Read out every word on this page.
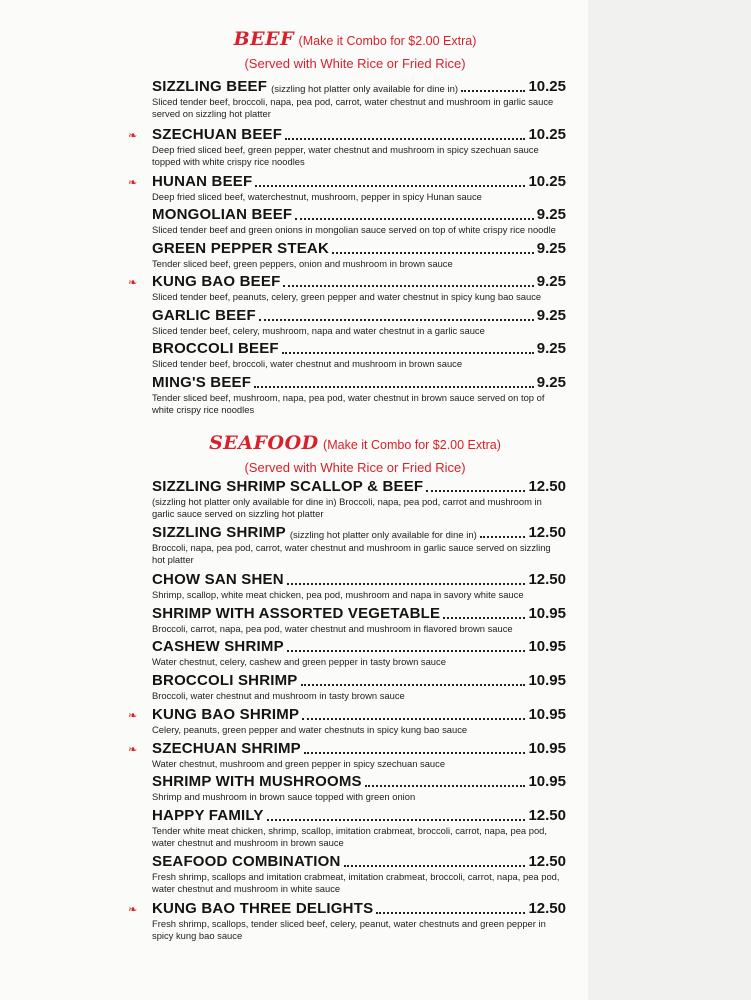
BEEF (Make it Combo for $2.00 Extra)
(Served with White Rice or Fried Rice)
SIZZLING BEEF (sizzling hot platter only available for dine in)	10.25
Sliced tender beef, broccoli, napa, pea pod, carrot, water chestnut and mushroom in garlic sauce served on sizzling hot platter
SZECHUAN BEEF	10.25
Deep fried sliced beef, green pepper, water chestnut and mushroom in spicy szechuan sauce topped with white crispy rice noodles
❧
HUNAN BEEF	10.25
Deep fried sliced beef, waterchestnut, mushroom, pepper in spicy Hunan sauce
❧
MONGOLIAN BEEF	9.25
Sliced tender beef and green onions in mongolian sauce served on top of white crispy rice noodle
GREEN PEPPER STEAK	9.25
Tender sliced beef, green peppers, onion and mushroom in brown sauce
KUNG BAO BEEF	9.25
Sliced tender beef, peanuts, celery, green pepper and water chestnut in spicy kung bao sauce
❧
GARLIC BEEF	9.25
Sliced tender beef, celery, mushroom, napa and water chestnut in a garlic sauce
BROCCOLI BEEF	9.25
Sliced tender beef, broccoli, water chestnut and mushroom in brown sauce
MING'S BEEF	9.25
Tender sliced beef, mushroom, napa, pea pod, water chestnut in brown sauce served on top of white crispy rice noodles
SEAFOOD (Make it Combo for $2.00 Extra)
(Served with White Rice or Fried Rice)
SIZZLING SHRIMP SCALLOP & BEEF	12.50
(sizzling hot platter only available for dine in) Broccoli, napa, pea pod, carrot and mushroom in garlic sauce served on sizzling hot platter
SIZZLING SHRIMP (sizzling hot platter only available for dine in)	12.50
Broccoli, napa, pea pod, carrot, water chestnut and mushroom in garlic sauce served on sizzling hot platter
CHOW SAN SHEN	12.50
Shrimp, scallop, white meat chicken, pea pod, mushroom and napa in savory white sauce
SHRIMP WITH ASSORTED VEGETABLE	10.95
Broccoli, carrot, napa, pea pod, water chestnut and mushroom in flavored brown sauce
CASHEW SHRIMP	10.95
Water chestnut, celery, cashew and green pepper in tasty brown sauce
BROCCOLI SHRIMP	10.95
Broccoli, water chestnut and mushroom in tasty brown sauce
KUNG BAO SHRIMP	10.95
Celery, peanuts, green pepper and water chestnuts in spicy kung bao sauce
❧
SZECHUAN SHRIMP	10.95
Water chestnut, mushroom and green pepper in spicy szechuan sauce
❧
SHRIMP WITH MUSHROOMS	10.95
Shrimp and mushroom in brown sauce topped with green onion
HAPPY FAMILY	12.50
Tender white meat chicken, shrimp, scallop, imitation crabmeat, broccoli, carrot, napa, pea pod, water chestnut and mushroom in brown sauce
SEAFOOD COMBINATION	12.50
Fresh shrimp, scallops and imitation crabmeat, imitation crabmeat, broccoli, carrot, napa, pea pod, water chestnut and mushroom in white sauce
KUNG BAO THREE DELIGHTS	12.50
Fresh shrimp, scallops, tender sliced beef, celery, peanut, water chestnuts and green pepper in spicy kung bao sauce
❧
